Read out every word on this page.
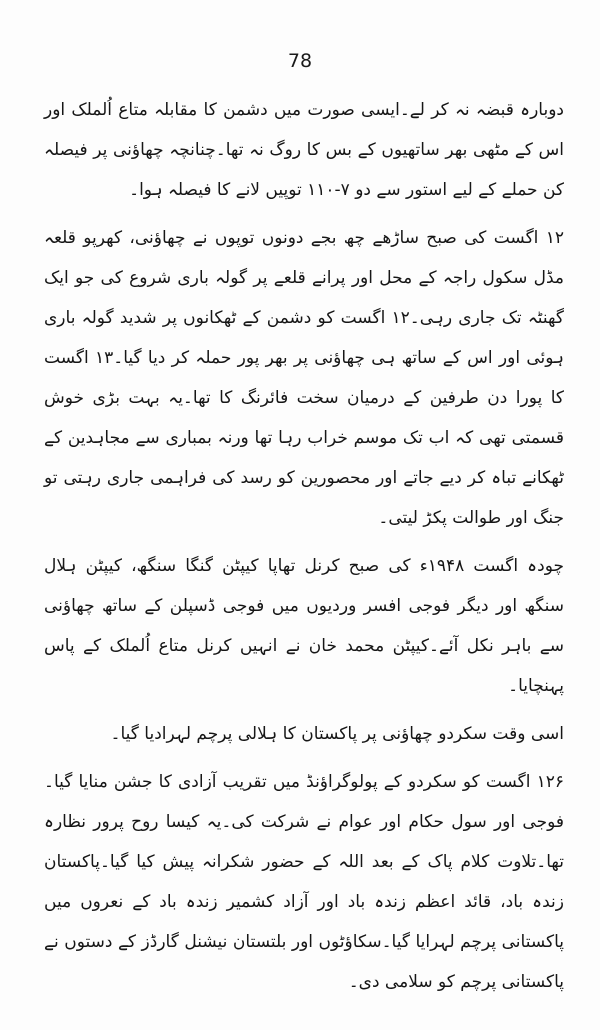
78

دوبارہ قبضہ نہ کر لے۔ایسی صورت میں دشمن کا مقابلہ متاع اُلملک اور اس کے مٹھی بھر ساتھیوں کے بس کا روگ نہ تھا۔چنانچہ چھاؤنی پر فیصلہ کن حملے کے لیے استور سے دو ۷-۱۱۰ توپیں لانے کا فیصلہ ہوا۔

۱۲ اگست کی صبح ساڑھے چھ بجے دونوں توپوں نے چھاؤنی، کھرپو قلعہ مڈل سکول راجہ کے محل اور پرانے قلعے پر گولہ باری شروع کی جو ایک گھنٹہ تک جاری رہی۔۱۲ اگست کو دشمن کے ٹھکانوں پر شدید گولہ باری ہوئی اور اس کے ساتھ ہی چھاؤنی پر بھر پور حملہ کر دیا گیا۔۱۳ اگست کا پورا دن طرفین کے درمیان سخت فائرنگ کا تھا۔یہ بہت بڑی خوش قسمتی تھی کہ اب تک موسم خراب رہا تھا ورنہ بمباری سے مجاہدین کے ٹھکانے تباہ کر دیے جاتے اور محصورین کو رسد کی فراہمی جاری رہتی تو جنگ اور طوالت پکڑ لیتی۔

چودہ اگست ۱۹۴۸ء کی صبح کرنل تھاپا کیپٹن گنگا سنگھ، کیپٹن ہلال سنگھ اور دیگر فوجی افسر وردیوں میں فوجی ڈسپلن کے ساتھ چھاؤنی سے باہر نکل آئے۔کیپٹن محمد خان نے انہیں کرنل متاع اُلملک کے پاس پہنچایا۔

اسی وقت سکردو چھاؤنی پر پاکستان کا ہلالی پرچم لہرادیا گیا۔

۱۲۶ اگست کو سکردو کے پولوگراؤنڈ میں تقریب آزادی کا جشن منایا گیا۔فوجی اور سول حکام اور عوام نے شرکت کی۔یہ کیسا روح پرور نظارہ تھا۔تلاوت کلام پاک کے بعد اللہ کے حضور شکرانہ پیش کیا گیا۔پاکستان زندہ باد، قائد اعظم زندہ باد اور آزاد کشمیر زندہ باد کے نعروں میں پاکستانی پرچم لہرایا گیا۔سکاؤٹوں اور بلتستان نیشنل گارڈز کے دستوں نے پاکستانی پرچم کو سلامی دی۔
